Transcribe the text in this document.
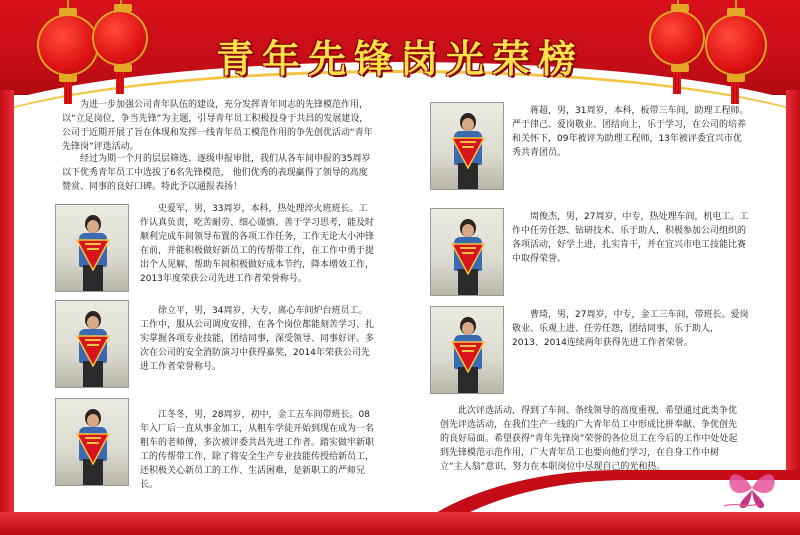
青年先锋岗光荣榜
为进一步加强公司青年队伍的建设，充分发挥青年同志的先锋模范作用，以“立足岗位，争当先锋”为主题，引导青年员工积极投身于共昌的发展建设，公司于近期开展了旨在体现和发挥一线青年员工模范作用的争先创优活动“青年先锋岗”评选活动。
经过为期一个月的层层筛选、逐级申报审批，我们从各车间申报的35周岁以下优秀青年员工中选拔了6名先锋模范， 他们优秀的表现赢得了领导的高度赞赏、同事的良好口碑。特此予以通报表扬！
史爱军，男，33周岁，本科，热处理淬火班班长。工作认真负责，吃苦耐劳、细心谨慎、善于学习思考，能及时顺利完成车间领导布置的各项工作任务，工作无论大小冲锋在前，并能积极做好新员工的传帮带工作，在工作中勇于提出个人见解，帮助车间积极做好成本节约，降本增效工作，2013年度荣获公司先进工作者荣誉称号。
徐立平，男，34周岁，大专，离心车间炉台班员工。工作中，服从公司调度安排，在各个岗位都能刻苦学习、扎实掌握各项专业技能，团结同事，深受领导、同事好评。多次在公司的安全消防演习中获得嘉奖，2014年荣获公司先进工作者荣誉称号。
江冬冬，男，28周岁，初中，金工五车间带班长。08年入厂后一直从事金加工，从粗车学徒开始到现在成为一名粗车的老师傅，多次被评委共昌先进工作者。踏实做牢新职工的传帮带工作，除了将安全生产专业技能传授给新员工，还积极关心新员工的工作、生活困难，是新职工的严师兄长。
蒋超，男，31周岁，本科，板带三车间，助理工程师。严于律己、爱岗敬业、团结向上，乐于学习，在公司的培养和关怀下，09年被评为助理工程师，13年被评委宜兴市优秀共青团员。
周俊杰，男，27周岁，中专，热处理车间，机电工。工作中任劳任怨、钻研技术、乐于助人，积极参加公司组织的各项活动，好学上进，扎实肯干，并在宜兴市电工技能比赛中取得荣誉。
曹琦，男，27周岁，中专，金工三车间，带班长。爱岗敬业、乐观上进、任劳任怨，团结同事，乐于助人，2013、2014连续两年获得先进工作者荣誉。
此次评选活动，得到了车间、条线领导的高度重视，希望通过此类争优创先评选活动，在我们生产一线的广大青年员工中形成比拼奉献、争优创先的良好局面。希望获得“青年先锋岗”荣誉的各位员工在今后的工作中处处起到先锋模范示范作用，广大青年员工也要向他们学习，在自身工作中树立“主人翁”意识，努力在本职岗位中尽现自己的光和热。
